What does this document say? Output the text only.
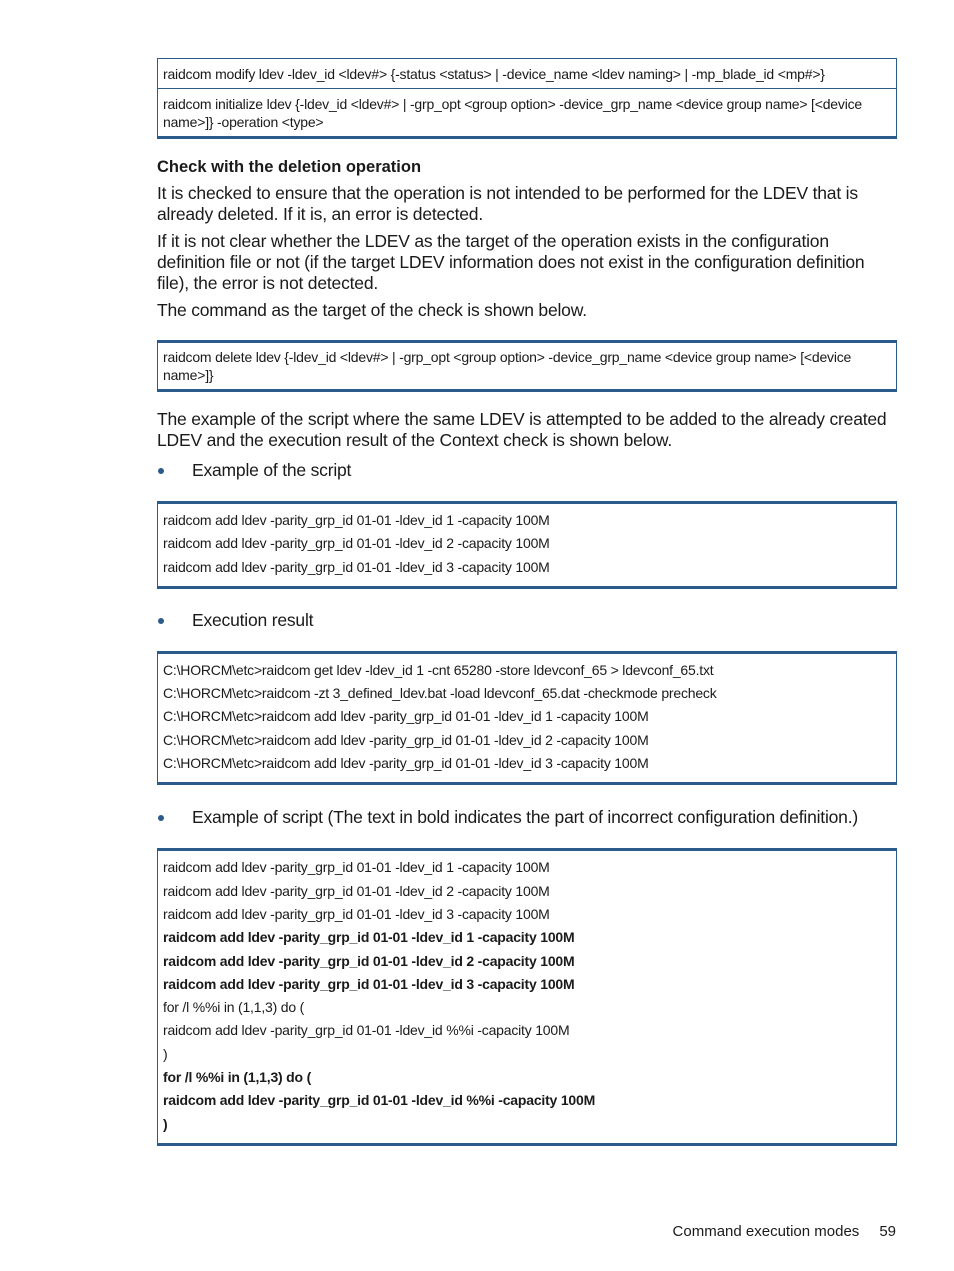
raidcom modify ldev -ldev_id <ldev#> {-status <status> | -device_name <ldev naming> | -mp_blade_id <mp#>}
raidcom initialize ldev {-ldev_id <ldev#> | -grp_opt <group option> -device_grp_name <device group name> [<device name>]} -operation <type>
Check with the deletion operation

It is checked to ensure that the operation is not intended to be performed for the LDEV that is already deleted. If it is, an error is detected.

If it is not clear whether the LDEV as the target of the operation exists in the configuration definition file or not (if the target LDEV information does not exist in the configuration definition file), the error is not detected.

The command as the target of the check is shown below.

raidcom delete ldev {-ldev_id <ldev#> | -grp_opt <group option> -device_grp_name <device group name> [<device name>]}

The example of the script where the same LDEV is attempted to be added to the already created LDEV and the execution result of the Context check is shown below.

Example of the script
raidcom add ldev -parity_grp_id 01-01 -ldev_id 1 -capacity 100M
raidcom add ldev -parity_grp_id 01-01 -ldev_id 2 -capacity 100M
raidcom add ldev -parity_grp_id 01-01 -ldev_id 3 -capacity 100M
Execution result
C:\HORCM\etc>raidcom get ldev -ldev_id 1 -cnt 65280 -store ldevconf_65 > ldevconf_65.txt
C:\HORCM\etc>raidcom -zt 3_defined_ldev.bat -load ldevconf_65.dat -checkmode precheck
C:\HORCM\etc>raidcom add ldev -parity_grp_id 01-01 -ldev_id 1 -capacity 100M
C:\HORCM\etc>raidcom add ldev -parity_grp_id 01-01 -ldev_id 2 -capacity 100M
C:\HORCM\etc>raidcom add ldev -parity_grp_id 01-01 -ldev_id 3 -capacity 100M
Example of script (The text in bold indicates the part of incorrect configuration definition.)
raidcom add ldev -parity_grp_id 01-01 -ldev_id 1 -capacity 100M
raidcom add ldev -parity_grp_id 01-01 -ldev_id 2 -capacity 100M
raidcom add ldev -parity_grp_id 01-01 -ldev_id 3 -capacity 100M
raidcom add ldev -parity_grp_id 01-01 -ldev_id 1 -capacity 100M
raidcom add ldev -parity_grp_id 01-01 -ldev_id 2 -capacity 100M
raidcom add ldev -parity_grp_id 01-01 -ldev_id 3 -capacity 100M
for /l %%i in (1,1,3) do (
raidcom add ldev -parity_grp_id 01-01 -ldev_id %%i -capacity 100M
)
for /l %%i in (1,1,3) do (
raidcom add ldev -parity_grp_id 01-01 -ldev_id %%i -capacity 100M
)
Command execution modes 59
